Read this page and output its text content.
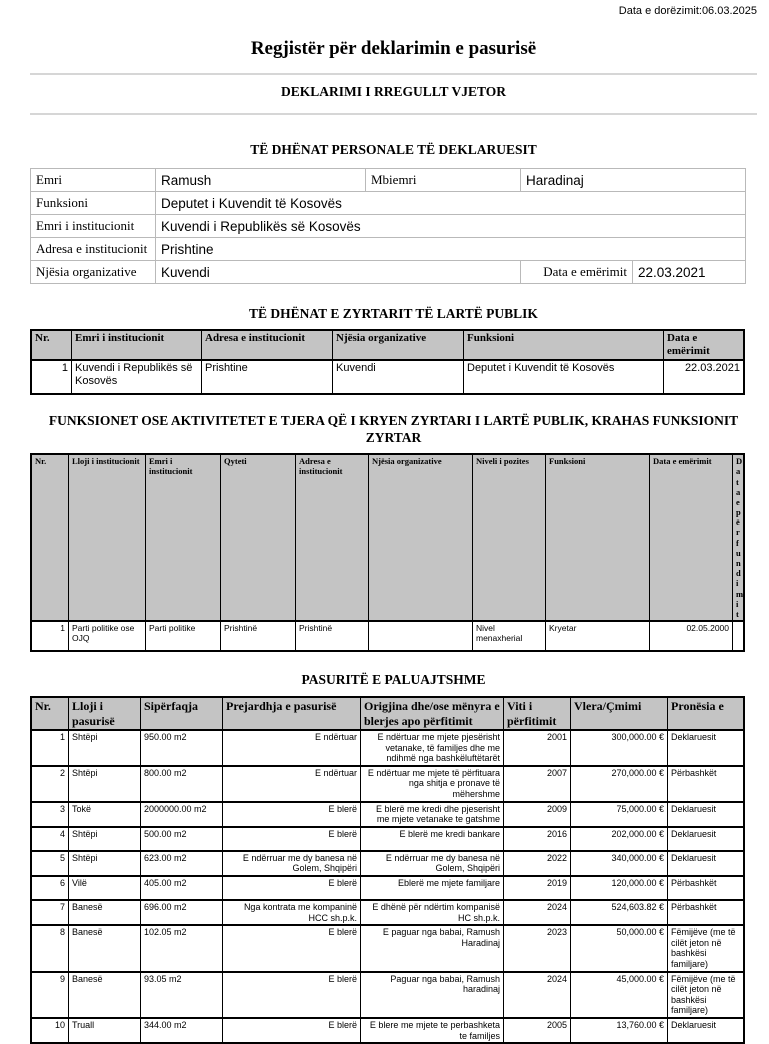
Data e dorëzimit:06.03.2025
Regjistër për deklarimin e pasurisë
DEKLARIMI I RREGULLT VJETOR
TË DHËNAT PERSONALE TË DEKLARUESIT
Emri	Ramush	Mbiemri	Haradinaj	
Funksioni	Deputet i Kuvendit të Kosovës			
Emri i institucionit	Kuvendi i Republikës së Kosovës			
Adresa e institucionit	Prishtine			
Njësia organizative	Kuvendi		Data e emërimit	22.03.2021
TË DHËNAT E ZYRTARIT TË LARTË PUBLIK
Nr.	Emri i institucionit	Adresa e institucionit	Njësia organizative	Funksioni	Data e emërimit
1	Kuvendi i Republikës së Kosovës	Prishtine	Kuvendi	Deputet i Kuvendit të Kosovës	22.03.2021
FUNKSIONET OSE AKTIVITETET E TJERA QË I KRYEN ZYRTARI I LARTË PUBLIK, KRAHAS FUNKSIONIT ZYRTAR
Nr.	Lloji i institucionit	Emri i institucionit	Qyteti	Adresa e institucionit	Njësia organizative	Niveli i pozites	Funksioni	Data e emërimit	Data e përfundimit
1	Parti politike ose OJQ	Parti politike	Prishtinë	Prishtinë		Nivel menaxherial	Kryetar	02.05.2000	
PASURITË E PALUAJTSHME
Nr.	Lloji i pasurisë	Sipërfaqja	Prejardhja e pasurisë	Origjina dhe/ose mënyra e blerjes apo përfitimit	Viti i përfitimit	Vlera/Çmimi	Pronësia e
1	Shtëpi	950.00 m2	E ndërtuar	E ndërtuar me mjete pjesërisht vetanake, të familjes dhe me ndihmë nga bashkëluftëtarët	2001	300,000.00 €	Deklaruesit
2	Shtëpi	800.00 m2	E ndërtuar	E ndërtuar me mjete të përfituara nga shitja e pronave të mëhershme	2007	270,000.00 €	Përbashkët
3	Tokë	2000000.00 m2	E blerë	E blerë me kredi dhe pjeserisht me mjete vetanake te gatshme	2009	75,000.00 €	Deklaruesit
4	Shtëpi	500.00 m2	E blerë	E blerë me kredi bankare	2016	202,000.00 €	Deklaruesit
5	Shtëpi	623.00 m2	E ndërruar me dy banesa në Golem, Shqipëri	E ndërruar me dy banesa në Golem, Shqipëri	2022	340,000.00 €	Deklaruesit
6	Vilë	405.00 m2	E blerë	Eblerë me mjete familjare	2019	120,000.00 €	Përbashkët
7	Banesë	696.00 m2	Nga kontrata me kompaninë HCC sh.p.k.	E dhënë për ndërtim kompanisë HC sh.p.k.	2024	524,603.82 €	Përbashkët
8	Banesë	102.05 m2	E blerë	E paguar nga babai, Ramush Haradinaj	2023	50,000.00 €	Fëmijëve (me të cilët jeton në bashkësi familjare)
9	Banesë	93.05 m2	E blerë	Paguar nga babai, Ramush haradinaj	2024	45,000.00 €	Fëmijëve (me të cilët jeton në bashkësi familjare)
10	Truall	344.00 m2	E blerë	E blere me mjete te perbashketa te familjes	2005	13,760.00 €	Deklaruesit
